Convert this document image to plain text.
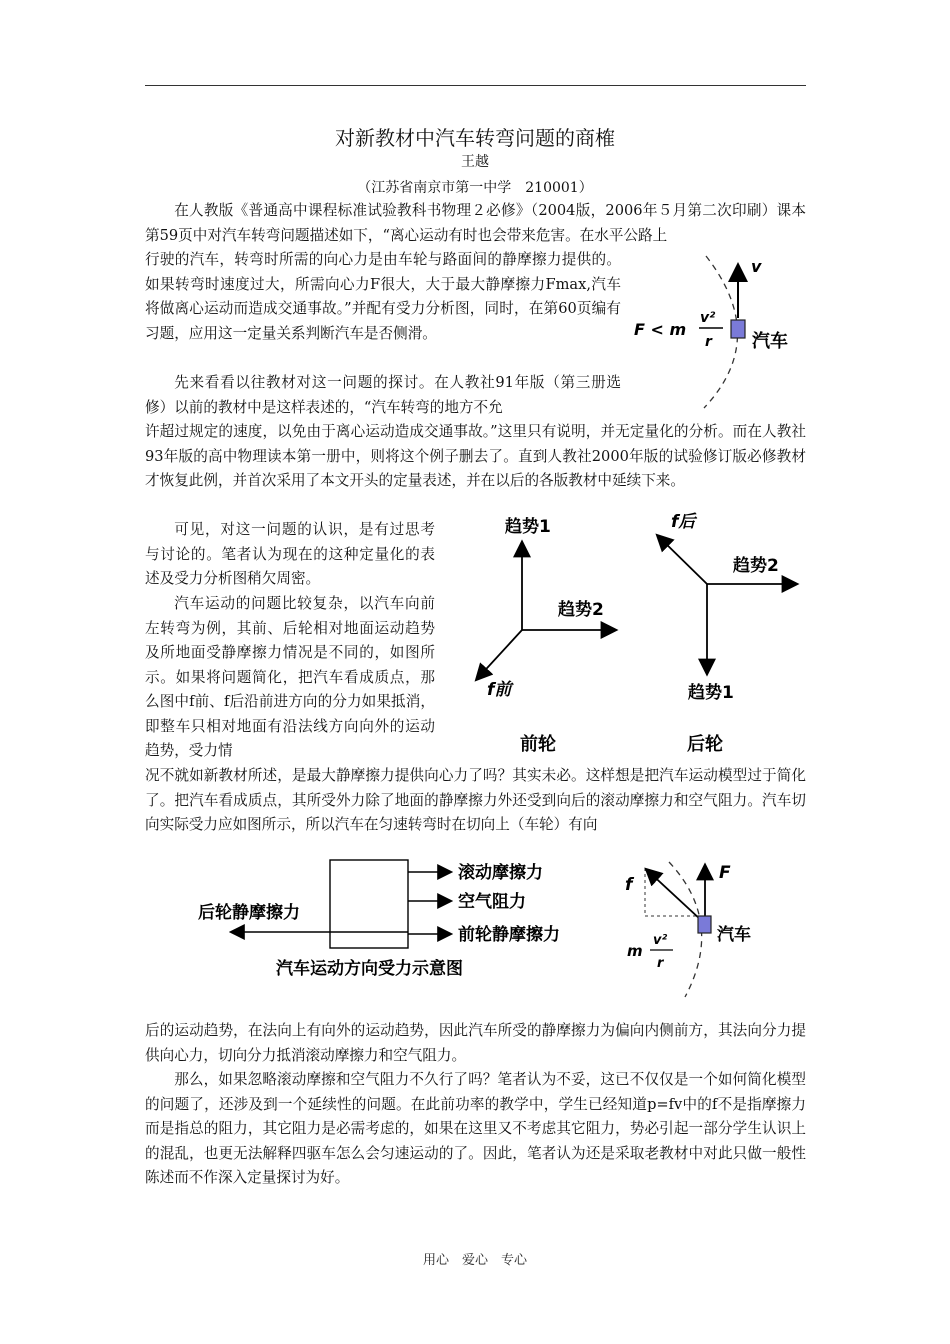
对新教材中汽车转弯问题的商榷
王越
（江苏省南京市第一中学　210001）

在人教版《普通高中课程标准试验教科书物理２必修》（2004版，2006年５月第二次印刷）课本第59页中对汽车转弯问题描述如下，“离心运动有时也会带来危害。在水平公路上

行驶的汽车，转弯时所需的向心力是由车轮与路面间的静摩擦力提供的。如果转弯时速度过大，所需向心力F很大，大于最大静摩擦力Fmax,汽车将做离心运动而造成交通事故。”并配有受力分析图，同时，在第60页编有习题，应用这一定量关系判断汽车是否侧滑。

先来看看以往教材对这一问题的探讨。在人教社91年版（第三册选修）以前的教材中是这样表述的，“汽车转弯的地方不允

许超过规定的速度，以免由于离心运动造成交通事故。”这里只有说明，并无定量化的分析。而在人教社93年版的高中物理读本第一册中，则将这个例子删去了。直到人教社2000年版的试验修订版必修教材才恢复此例，并首次采用了本文开头的定量表述，并在以后的各版教材中延续下来。

可见，对这一问题的认识，是有过思考与讨论的。笔者认为现在的这种定量化的表述及受力分析图稍欠周密。

汽车运动的问题比较复杂，以汽车向前左转弯为例，其前、后轮相对地面运动趋势及所地面受静摩擦力情况是不同的，如图所示。如果将问题简化，把汽车看成质点，那么图中f前、f后沿前进方向的分力如果抵消，即整车只相对地面有沿法线方向向外的运动趋势，受力情

况不就如新教材所述，是最大静摩擦力提供向心力了吗？其实未必。这样想是把汽车运动模型过于简化了。把汽车看成质点，其所受外力除了地面的静摩擦力外还受到向后的滚动摩擦力和空气阻力。汽车切向实际受力应如图所示，所以汽车在匀速转弯时在切向上（车轮）有向

后的运动趋势，在法向上有向外的运动趋势，因此汽车所受的静摩擦力为偏向内侧前方，其法向分力提供向心力，切向分力抵消滚动摩擦力和空气阻力。

那么，如果忽略滚动摩擦和空气阻力不久行了吗？笔者认为不妥，这已不仅仅是一个如何简化模型的问题了，还涉及到一个延续性的问题。在此前功率的教学中，学生已经知道p=fv中的f不是指摩擦力而是指总的阻力，其它阻力是必需考虑的，如果在这里又不考虑其它阻力，势必引起一部分学生认识上的混乱，也更无法解释四驱车怎么会匀速运动的了。因此，笔者认为还是采取老教材中对此只做一般性陈述而不作深入定量探讨为好。

v
F < m
v²
r 汽车
趋势1
趋势2
f前
前轮
趋势1
趋势2
f后
后轮
滚动摩擦力
空气阻力
前轮静摩擦力
后轮静摩擦力
汽车运动方向受力示意图
f
F
m
v²
r
汽车
用心　爱心　专心
